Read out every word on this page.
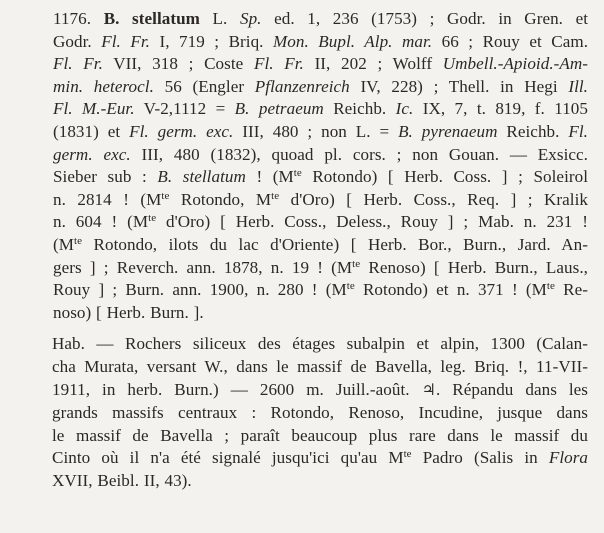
1176. B. stellatum L. Sp. ed. 1, 236 (1753) ; Godr. in Gren. et
Godr. Fl. Fr. I, 719 ; Briq. Mon. Bupl. Alp. mar. 66 ; Rouy et Cam.
Fl. Fr. VII, 318 ; Coste Fl. Fr. II, 202 ; Wolff Umbell.-Apioid.-Am-
min. heterocl. 56 (Engler Pflanzenreich IV, 228) ; Thell. in Hegi Ill.
Fl. M.-Eur. V-2,1112 = B. petraeum Reichb. Ic. IX, 7, t. 819, f. 1105
(1831) et Fl. germ. exc. III, 480 ; non L. = B. pyrenaeum Reichb. Fl.
germ. exc. III, 480 (1832), quoad pl. cors. ; non Gouan. — Exsicc.
Sieber sub : B. stellatum ! ($M^{te}$ Rotondo) [ Herb. Coss. ] ; Soleirol
n. 2814 ! ($M^{te}$ Rotondo, $M^{te}$ d'Oro) [ Herb. Coss., Req. ] ; Kralik
n. 604 ! ($M^{te}$ d'Oro) [ Herb. Coss., Deless., Rouy ] ; Mab. n. 231 !
($M^{te}$ Rotondo, ilots du lac d'Oriente) [ Herb. Bor., Burn., Jard. An-
gers ] ; Reverch. ann. 1878, n. 19 ! ($M^{te}$ Renoso) [ Herb. Burn., Laus.,
Rouy ] ; Burn. ann. 1900, n. 280 ! ($M^{te}$ Rotondo) et n. 371 ! ($M^{te}$ Re-
noso) [ Herb. Burn. ].
Hab. — Rochers siliceux des étages subalpin et alpin, 1300 (Calan-
cha Murata, versant W., dans le massif de Bavella, leg. Briq. !, 11-VII-
1911, in herb. Burn.) — 2600 m. Juill.-août. ♃. Répandu dans les
grands massifs centraux : Rotondo, Renoso, Incudine, jusque dans
le massif de Bavella ; paraît beaucoup plus rare dans le massif du
Cinto où il n'a été signalé jusqu'ici qu'au $M^{te}$ Padro (Salis in Flora
XVII, Beibl. II, 43).
